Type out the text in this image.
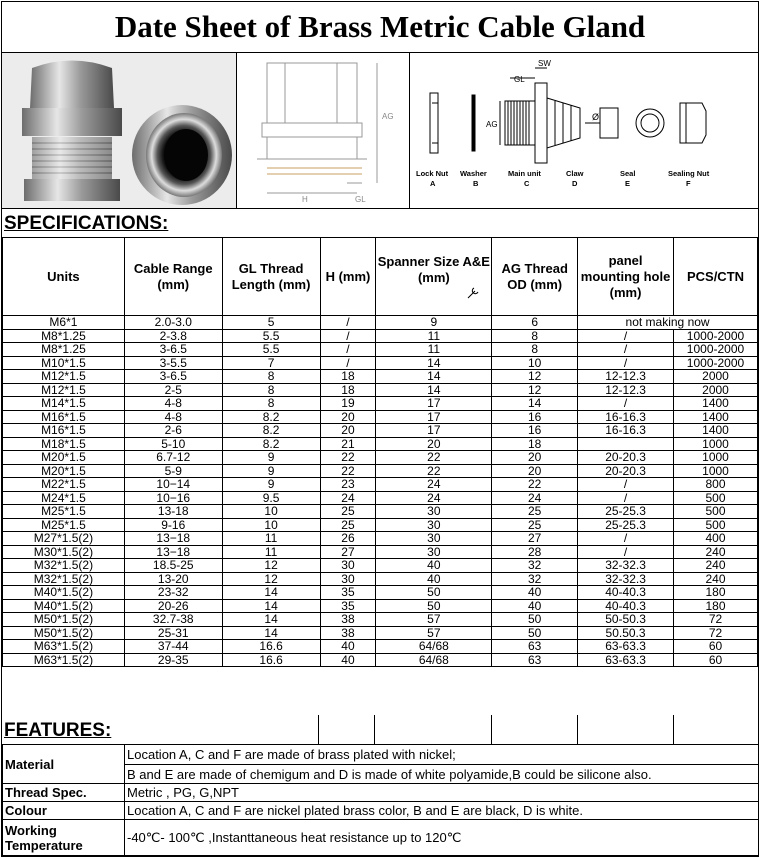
Date Sheet of Brass Metric Cable Gland
AG
H	GL
GL
SW
AG
Ø
Lock Nut
A
Washer
B
Main unit
C
Claw
D
Seal
E
Sealing Nut
F
SPECIFICATIONS:
Units	Cable Range (mm)	GL Thread Length (mm)	H (mm)	Spanner Size A&E (mm)	AG Thread OD (mm)	panel mounting hole (mm)	PCS/CTN
M6*1	2.0-3.0	5	/	9	6	not making now	
M8*1.25	2-3.8	5.5	/	11	8	/	1000-2000
M8*1.25	3-6.5	5.5	/	11	8	/	1000-2000
M10*1.5	3-5.5	7	/	14	10	/	1000-2000
M12*1.5	3-6.5	8	18	14	12	12-12.3	2000
M12*1.5	2-5	8	18	14	12	12-12.3	2000
M14*1.5	4-8	8	19	17	14	/	1400
M16*1.5	4-8	8.2	20	17	16	16-16.3	1400
M16*1.5	2-6	8.2	20	17	16	16-16.3	1400
M18*1.5	5-10	8.2	21	20	18		1000
M20*1.5	6.7-12	9	22	22	20	20-20.3	1000
M20*1.5	5-9	9	22	22	20	20-20.3	1000
M22*1.5	10−14	9	23	24	22	/	800
M24*1.5	10−16	9.5	24	24	24	/	500
M25*1.5	13-18	10	25	30	25	25-25.3	500
M25*1.5	9-16	10	25	30	25	25-25.3	500
M27*1.5(2)	13−18	11	26	30	27	/	400
M30*1.5(2)	13−18	11	27	30	28	/	240
M32*1.5(2)	18.5-25	12	30	40	32	32-32.3	240
M32*1.5(2)	13-20	12	30	40	32	32-32.3	240
M40*1.5(2)	23-32	14	35	50	40	40-40.3	180
M40*1.5(2)	20-26	14	35	50	40	40-40.3	180
M50*1.5(2)	32.7-38	14	38	57	50	50-50.3	72
M50*1.5(2)	25-31	14	38	57	50	50.50.3	72
M63*1.5(2)	37-44	16.6	40	64/68	63	63-63.3	60
M63*1.5(2)	29-35	16.6	40	64/68	63	63-63.3	60
FEATURES:
Material	Location A, C and F are made of brass plated with nickel;
	B and E are made of chemigum and D is made of white polyamide,B could be silicone also.
Thread Spec.	Metric , PG, G,NPT
Colour	Location A, C and F are nickel plated brass color, B and E are black, D is white.
Working Temperature	-40℃- 100℃ ,Instanttaneous heat resistance up to 120℃
